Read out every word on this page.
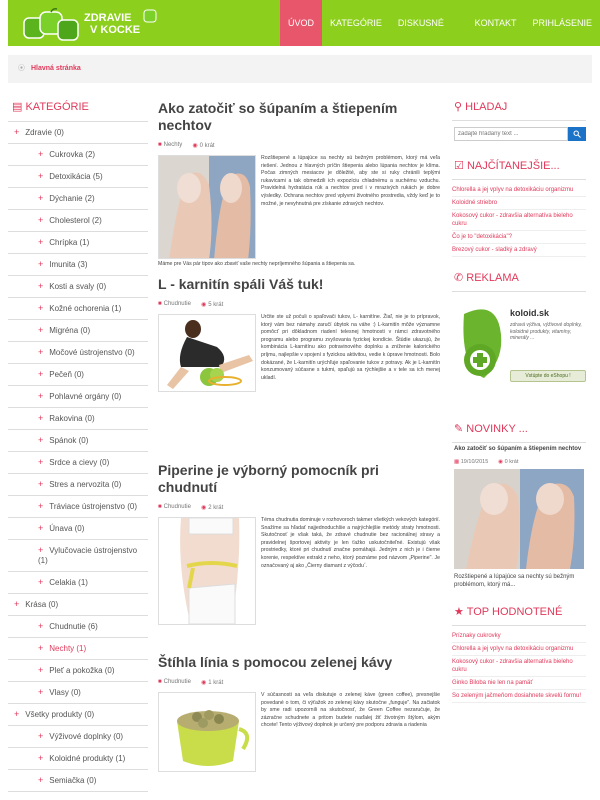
ZDRAVIE
V KOCKE
ÚVOD	KATEGÓRIE	DISKUSNÉ	KONTAKT	PRIHLÁSENIE
⦿ Hlavná stránka
▤ KATEGÓRIE
+ Zdravie (0)
+ Cukrovka (2)
+ Detoxikácia (5)
+ Dýchanie (2)
+ Cholesterol (2)
+ Chrípka (1)
+ Imunita (3)
+ Kosti a svaly (0)
+ Kožné ochorenia (1)
+ Migréna (0)
+ Močové ústrojenstvo (0)
+ Pečeň (0)
+ Pohlavné orgány (0)
+ Rakovina (0)
+ Spánok (0)
+ Srdce a cievy (0)
+ Stres a nervozita (0)
+ Tráviace ústrojenstvo (0)
+ Únava (0)
+ Vylučovacie ústrojenstvo (1)
+ Celakia (1)
+ Krása (0)
+ Chudnutie (6)
+ Nechty (1)
+ Pleť a pokožka (0)
+ Vlasy (0)
+ Všetky produkty (0)
+ Výživové doplnky (0)
+ Koloidné produkty (1)
+ Semiačka (0)
Ako zatočiť so šúpaním a štiepením nechtov
■ Nechty ◉ 0 krát
Rozštiepené a lúpajúce sa nechty sú bežným problémom, ktorý má veľa riešení. Jednou z hlavných príčin štiepenia alebo lúpania nechtov je klíma. Počas zimných mesiacov je dôležité, aby ste si ruky chránili teplými rukavicami a tak obmedzili ich expozíciu chladnému a suchému vzduchu. Pravidelná hydratácia rúk a nechtov pred i v mrazivých rukách je dobre výsledky. Ochrana nechtov pred vplyvmi životného prostredia, vždy keď je to možné, je nevyhnutná pre získanie zdravých nechtov.
Máme pre Vás pár tipov ako zbaviť vaše nechty nepríjemného šúpania a štiepenia sa.
L - karnitín spáli Váš tuk!
■ Chudnutie ◉ 5 krát
Určite ste už počuli o spaľovači tukov, L- karnitíne. Žiaľ, nie je to prípravok, ktorý vám bez námahy zaručí úbytok na váhe :) L-karnitín môže významne pomôcť pri dôkladnom riadení telesnej hmotnosti v rámci zdravotného programu alebo programu zvyšovania fyzickej kondície. Štúdie ukazujú, že kombinácia L-karnitínu ako potravinového doplnku a zníženie kalorického príjmu, najlepšie v spojení s fyzickou aktivitou, vedie k úprave hmotnosti. Bolo dokázané, že L-karnitín urýchľuje spaľovanie tukov z potravy. Ak je L-karnitín konzumovaný súčasne s tukmi, spaľujú sa rýchlejšie a v tele sa ich menej ukladí.
Piperine je výborný pomocník pri chudnutí
■ Chudnutie ◉ 2 krát
Téma chudnutia dominuje v rozhovoroch takmer všetkých vekových kategórií. Snažíme sa hľadať najjednoduchšie a najrýchlejšie metódy straty hmotnosti. Skutočnosť je však taká, že zdravé chudnutie bez racionálnej stravy a pravidelnej športovej aktivity je len ťažko uskutočniteľné. Existujú však prostriedky, ktoré pri chudnutí značne pomáhajú. Jedným z nich je i čierne korenie, respektíve extrakt z neho, ktorý poznáme pod názvom „Piperine". Je označovaný aj ako „Čierny diamant z výčoduˇ.
Štíhla línia s pomocou zelenej kávy
■ Chudnutie ◉ 1 krát
V súčasnosti sa veľa diskutuje o zelenej káve (green coffee), presnejšie povedané o tom, či výťažok zo zelenej kávy skutočne „funguje". Na začiatok by sme radi upozornili na skutočnosť, že Green Coffee nezaručuje, že zázračne schudnete a pritom budete naďalej žiť životným štýlom, akým chcete! Tento výživový doplnok je určený pre podporu zdravia a riadenia
⚲ HĽADAJ
zadajte hľadaný text ...
☑ NAJČÍTANEJŠIE...
Chlorella a jej vplyv na detoxikáciu organizmu
Koloidné striebro
Kokosový cukor - zdravšia alternatíva bieleho cukru
Čo je to "detoxikácia"?
Brezový cukor - sladký a zdravý
✆ REKLAMA
koloid.sk
zdravá výživa, výživové doplnky, koloidné produkty, vitamíny, minerály ...
Vstúpte do eShopu !
✎ NOVINKY ...
Ako zatočiť so šúpaním a štiepením nechtov
▦ 19/10/2015 ◉ 0 krát
Rozštiepené a lúpajúce sa nechty sú bežným problémom, ktorý má...
★ TOP HODNOTENÉ
Príznaky cukrovky
Chlorella a jej vplyv na detoxikáciu organizmu
Kokosový cukor - zdravšia alternatíva bieleho cukru
Ginko Biloba nie len na pamäť
So zeleným jačmeňom dosiahnete skvelú formu!
